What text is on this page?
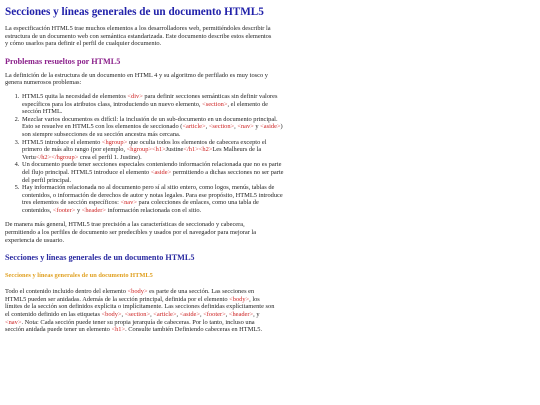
Secciones y líneas generales de un documento HTML5

La especificación HTML5 trae muchos elementos a los desarrolladores web, permitiéndoles describir la estructura de un documento web con semántica estandarizada. Este documento describe estos elementos y cómo usarlos para definir el perfil de cualquier documento.

Problemas resueltos por HTML5

La definición de la estructura de un documento en HTML 4 y su algoritmo de perfilado es muy tosco y genera numerosos problemas:

1. HTML5 quita la necesidad de elementos <div> para definir secciones semánticas sin definir valores específicos para los atributos class, introduciendo un nuevo elemento, <section>, el elemento de sección HTML.
2. Mezclar varios documentos es difícil: la inclusión de un sub-documento en un documento principal. Esto se resuelve en HTML5 con los elementos de seccionado (<article>, <section>, <nav> y <aside>) son siempre subsecciones de su sección ancestra más cercana.
3. HTML5 introduce el elemento <hgroup> que oculta todos los elementos de cabecera excepto el primero de más alto rango (por ejemplo, <hgroup><h1>Justine</h1><h2>Les Malheurs de la Vertu</h2></hgroup> crea el perfil 1. Justine).
4. Un documento puede tener secciones especiales conteniendo información relacionada que no es parte del flujo principal. HTML5 introduce el elemento <aside> permitiendo a dichas secciones no ser parte del perfil principal.
5. Hay información relacionada no al documento pero sí al sitio entero, como logos, menús, tablas de contenidos, o información de derechos de autor y notas legales. Para ese propósito, HTML5 introduce tres elementos de sección específicos: <nav> para colecciones de enlaces, como una tabla de contenidos, <footer> y <header> información relacionada con el sitio.

De manera más general, HTML5 trae precisión a las características de seccionado y cabecera, permitiendo a los perfiles de documento ser predecibles y usados por el navegador para mejorar la experiencia de usuario.

Secciones y líneas generales de un documento HTML5
Secciones y líneas generales de un documento HTML5

Todo el contenido incluido dentro del elemento <body> es parte de una sección. Las secciones en HTML5 pueden ser anidadas. Además de la sección principal, definida por el elemento <body>, los límites de la sección son definidos explícita o implícitamente. Las secciones definidas explícitamente son el contenido definido en las etiquetas <body>, <section>, <article>, <aside>, <footer>, <header>, y <nav>. Nota: Cada sección puede tener su propia jerarquía de cabeceras. Por lo tanto, incluso una sección anidada puede tener un elemento <h1>. Consulte también Definiendo cabeceras en HTML5.
